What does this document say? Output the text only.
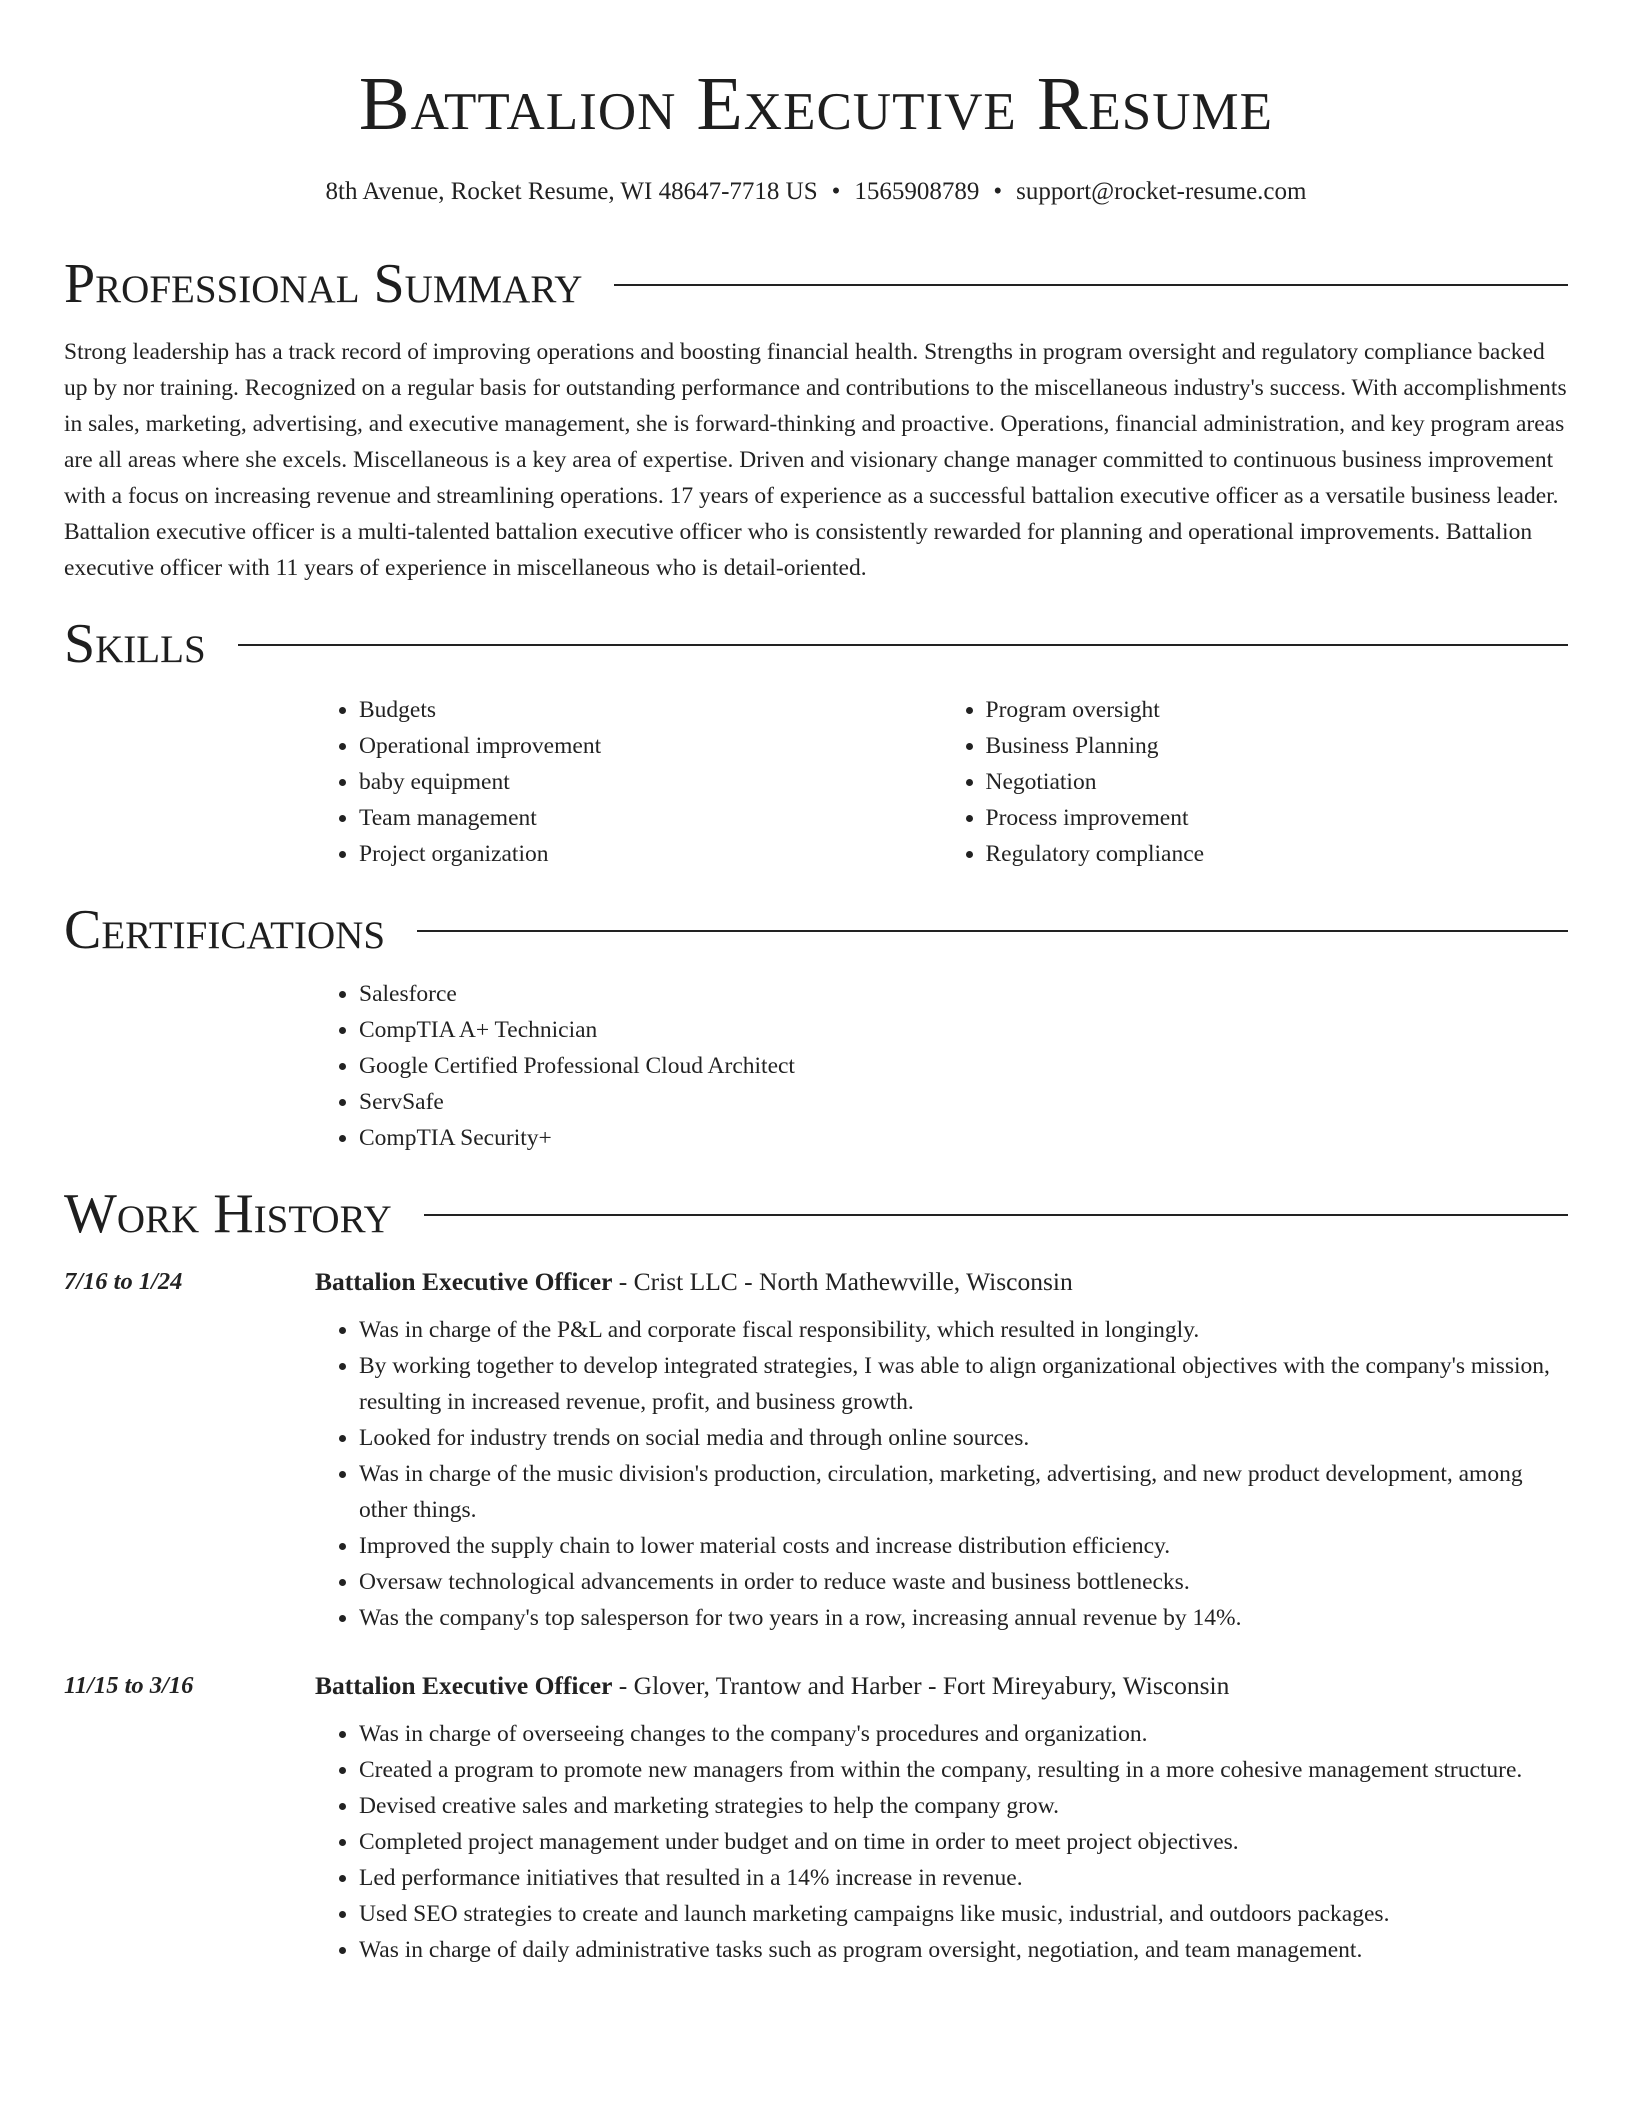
Battalion Executive Resume
8th Avenue, Rocket Resume, WI 48647-7718 US • 1565908789 • support@rocket-resume.com
Professional Summary

Strong leadership has a track record of improving operations and boosting financial health. Strengths in program oversight and regulatory compliance backed up by nor training. Recognized on a regular basis for outstanding performance and contributions to the miscellaneous industry's success. With accomplishments in sales, marketing, advertising, and executive management, she is forward-thinking and proactive. Operations, financial administration, and key program areas are all areas where she excels. Miscellaneous is a key area of expertise. Driven and visionary change manager committed to continuous business improvement with a focus on increasing revenue and streamlining operations. 17 years of experience as a successful battalion executive officer as a versatile business leader. Battalion executive officer is a multi-talented battalion executive officer who is consistently rewarded for planning and operational improvements. Battalion executive officer with 11 years of experience in miscellaneous who is detail-oriented.

Skills
• Budgets
• Operational improvement
• baby equipment
• Team management
• Project organization
• Program oversight
• Business Planning
• Negotiation
• Process improvement
• Regulatory compliance
Certifications
• Salesforce
• CompTIA A+ Technician
• Google Certified Professional Cloud Architect
• ServSafe
• CompTIA Security+
Work History
7/16 to 1/24	Battalion Executive Officer - Crist LLC - North Mathewville, Wisconsin
• Was in charge of the P&L and corporate fiscal responsibility, which resulted in longingly.
• By working together to develop integrated strategies, I was able to align organizational objectives with the company's mission, resulting in increased revenue, profit, and business growth.
• Looked for industry trends on social media and through online sources.
• Was in charge of the music division's production, circulation, marketing, advertising, and new product development, among other things.
• Improved the supply chain to lower material costs and increase distribution efficiency.
• Oversaw technological advancements in order to reduce waste and business bottlenecks.
• Was the company's top salesperson for two years in a row, increasing annual revenue by 14%.
11/15 to 3/16	Battalion Executive Officer - Glover, Trantow and Harber - Fort Mireyabury, Wisconsin
• Was in charge of overseeing changes to the company's procedures and organization.
• Created a program to promote new managers from within the company, resulting in a more cohesive management structure.
• Devised creative sales and marketing strategies to help the company grow.
• Completed project management under budget and on time in order to meet project objectives.
• Led performance initiatives that resulted in a 14% increase in revenue.
• Used SEO strategies to create and launch marketing campaigns like music, industrial, and outdoors packages.
• Was in charge of daily administrative tasks such as program oversight, negotiation, and team management.
